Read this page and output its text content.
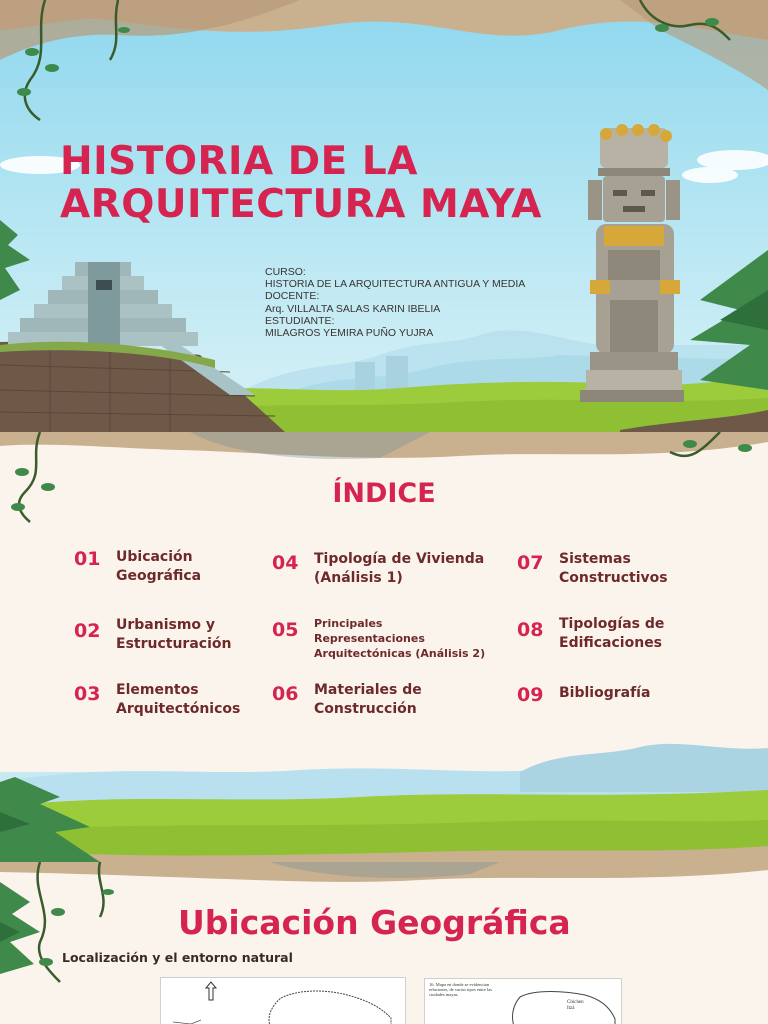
HISTORIA DE LA
ARQUITECTURA MAYA
CURSO:
HISTORIA DE LA ARQUITECTURA ANTIGUA Y MEDIA
DOCENTE:
Arq. VILLALTA SALAS KARIN IBELIA
ESTUDIANTE:
MILAGROS YEMIRA PUÑO YUJRA
ÍNDICE
01	Ubicación
Geográfica
02	Urbanismo y
Estructuración
03	Elementos
Arquitectónicos
04	Tipología de Vivienda
(Análisis 1)
05	Principales
Representaciones
Arquitectónicas (Análisis 2)
06	Materiales de
Construcción
07	Sistemas
Constructivos
08	Tipologías de
Edificaciones
09	Bibliografía
Ubicación Geográfica
Localización y el entorno natural
16. Mapa en donde se evidencian relaciones, de varios tipos entre las ciudades mayas.
Chichen
Itzá
